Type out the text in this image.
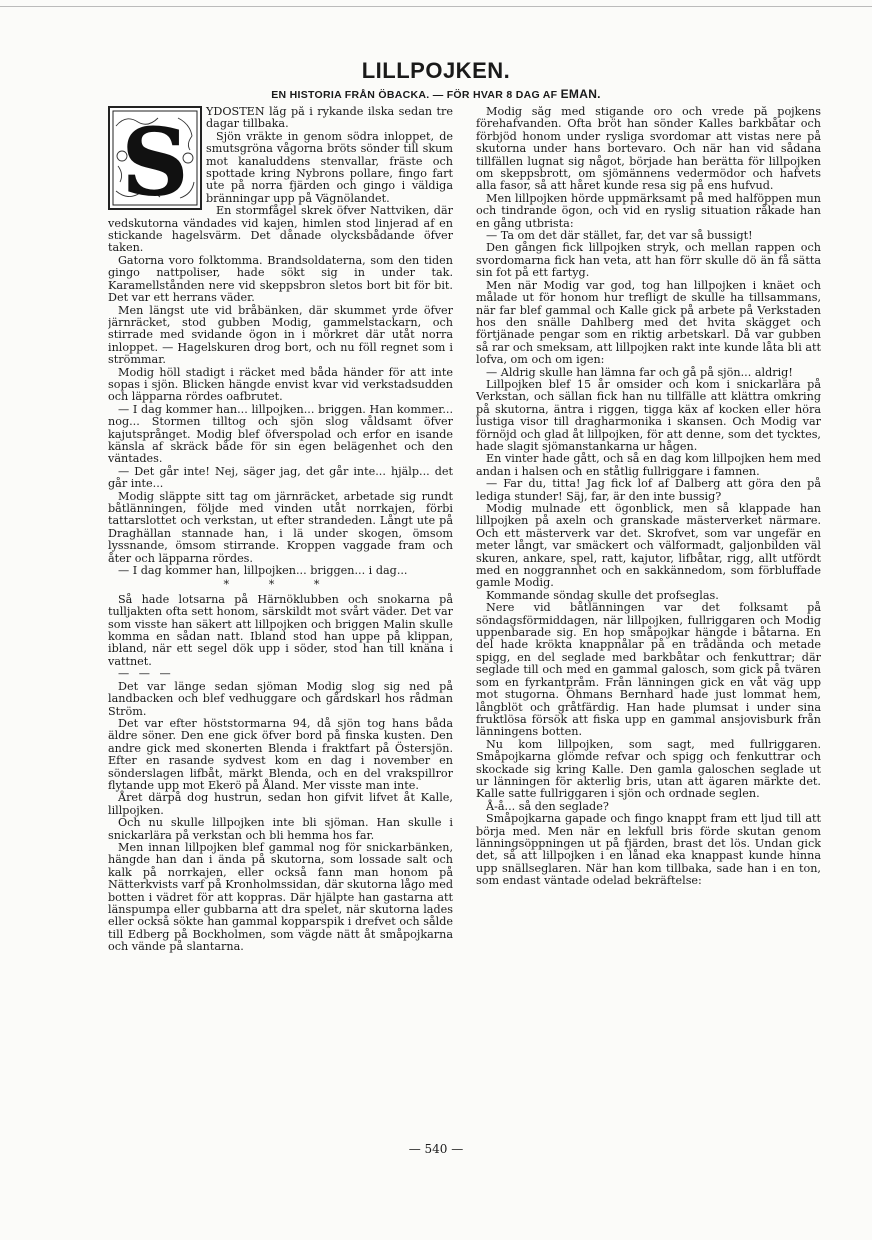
LILLPOJKEN.
EN HISTORIA FRÅN ÖBACKA. — FÖR HVAR 8 DAG AF EMAN.
S	YDOSTEN låg på i rykande ilska sedan tre dagar tillbaka.

Sjön vräkte in genom södra inloppet, de smutsgröna vågorna bröts sönder till skum mot kanaluddens stenvallar, fräste och spottade kring Nybrons pollare, fingo fart ute på norra fjärden och gingo i väldiga bränningar upp på Vägnölandet.

En stormfågel skrek öfver Nattviken, där vedskutorna vändades vid kajen, himlen stod linjerad af en stickande hagelsvärm. Det dånade olycksbådande öfver taken.

Gatorna voro folktomma. Brandsoldaterna, som den tiden gingo nattpoliser, hade sökt sig in under tak. Karamellstånden nere vid skeppsbron sletos bort bit för bit. Det var ett herrans väder.

Men längst ute vid bråbänken, där skummet yrde öfver järnräcket, stod gubben Modig, gammelstackarn, och stirrade med svidande ögon in i mörkret där utåt norra inloppet. — Hagelskuren drog bort, och nu föll regnet som i strömmar.

Modig höll stadigt i räcket med båda händer för att inte sopas i sjön. Blicken hängde envist kvar vid verkstadsudden och läpparna rördes oafbrutet.

— I dag kommer han... lillpojken... briggen. Han kommer... nog... Stormen tilltog och sjön slog våldsamt öfver kajutsprånget. Modig blef öfverspolad och erfor en isande känsla af skräck både för sin egen belägenhet och den väntades.

— Det går inte! Nej, säger jag, det går inte... hjälp... det går inte...

Modig släppte sitt tag om järnräcket, arbetade sig rundt båtlänningen, följde med vinden utåt norrkajen, förbi tattarslottet och verkstan, ut efter strandeden. Långt ute på Draghällan stannade han, i lä under skogen, ömsom lyssnande, ömsom stirrande. Kroppen vaggade fram och åter och läpparna rördes.

— I dag kommer han, lillpojken... briggen... i dag...

* * *

Så hade lotsarna på Härnöklubben och snokarna på tulljakten ofta sett honom, särskildt mot svårt väder. Det var som visste han säkert att lillpojken och briggen Malin skulle komma en sådan natt. Ibland stod han uppe på klippan, ibland, när ett segel dök upp i söder, stod han till knäna i vattnet.

— — —

Det var länge sedan sjöman Modig slog sig ned på landbacken och blef vedhuggare och gårdskarl hos rådman Ström.

Det var efter höststormarna 94, då sjön tog hans båda äldre söner. Den ene gick öfver bord på finska kusten. Den andre gick med skonerten Blenda i fraktfart på Östersjön. Efter en rasande sydvest kom en dag i november en sönderslagen lifbåt, märkt Blenda, och en del vrakspillror flytande upp mot Ekerö på Åland. Mer visste man inte.

Året därpå dog hustrun, sedan hon gifvit lifvet åt Kalle, lillpojken.

Och nu skulle lillpojken inte bli sjöman. Han skulle i snickarlära på verkstan och bli hemma hos far.

Men innan lillpojken blef gammal nog för snickarbänken, hängde han dan i ända på skutorna, som lossade salt och kalk på norrkajen, eller också fann man honom på Nätterkvists varf på Kronholmssidan, där skutorna lågo med botten i vädret för att koppras. Där hjälpte han gastarna att länspumpa eller gubbarna att dra spelet, när skutorna lades eller också sökte han gammal kopparspik i drefvet och sålde till Edberg på Bockholmen, som vägde nätt åt småpojkarna och vände på slantarna.

Modig såg med stigande oro och vrede på pojkens förehafvanden. Ofta bröt han sönder Kalles barkbåtar och förbjöd honom under rysliga svordomar att vistas nere på skutorna under hans bortevaro. Och när han vid sådana tillfällen lugnat sig något, började han berätta för lillpojken om skeppsbrott, om sjömännens vedermödor och hafvets alla fasor, så att håret kunde resa sig på ens hufvud.

Men lillpojken hörde uppmärksamt på med halföppen mun och tindrande ögon, och vid en ryslig situation råkade han en gång utbrista:

— Ta om det där stället, far, det var så bussigt!

Den gången fick lillpojken stryk, och mellan rappen och svordomarna fick han veta, att han förr skulle dö än få sätta sin fot på ett fartyg.

Men när Modig var god, tog han lillpojken i knäet och målade ut för honom hur trefligt de skulle ha tillsammans, när far blef gammal och Kalle gick på arbete på Verkstaden hos den snälle Dahlberg med det hvita skägget och förtjänade pengar som en riktig arbetskarl. Då var gubben så rar och smeksam, att lillpojken rakt inte kunde låta bli att lofva, om och om igen:

— Aldrig skulle han lämna far och gå på sjön... aldrig!

Lillpojken blef 15 år omsider och kom i snickarlära på Verkstan, och sällan fick han nu tillfälle att klättra omkring på skutorna, äntra i riggen, tigga käx af kocken eller höra lustiga visor till dragharmonika i skansen. Och Modig var förnöjd och glad åt lillpojken, för att denne, som det tycktes, hade slagit sjömanstankarna ur hågen.

En vinter hade gått, och så en dag kom lillpojken hem med andan i halsen och en ståtlig fullriggare i famnen.

— Far du, titta! Jag fick lof af Dalberg att göra den på lediga stunder! Säj, far, är den inte bussig?

Modig mulnade ett ögonblick, men så klappade han lillpojken på axeln och granskade mästerverket närmare. Och ett mästerverk var det. Skrofvet, som var ungefär en meter långt, var smäckert och välformadt, galjonbilden väl skuren, ankare, spel, ratt, kajutor, lifbåtar, rigg, allt utfördt med en noggrannhet och en sakkännedom, som förbluffade gamle Modig.

Kommande söndag skulle det profseglas.

Nere vid båtlänningen var det folksamt på söndagsförmiddagen, när lillpojken, fullriggaren och Modig uppenbarade sig. En hop småpojkar hängde i båtarna. En del hade krökta knappnålar på en trådända och metade spigg, en del seglade med barkbåtar och fenkuttrar; där seglade till och med en gammal galosch, som gick på tvären som en fyrkantpråm. Från länningen gick en våt väg upp mot stugorna. Öhmans Bernhard hade just lommat hem, långblöt och gråtfärdig. Han hade plumsat i under sina fruktlösa försök att fiska upp en gammal ansjovisburk från länningens botten.

Nu kom lillpojken, som sagt, med fullriggaren. Småpojkarna glömde refvar och spigg och fenkuttrar och skockade sig kring Kalle. Den gamla galoschen seglade ut ur länningen för akterlig bris, utan att ägaren märkte det. Kalle satte fullriggaren i sjön och ordnade seglen.

Å-å... så den seglade?

Småpojkarna gapade och fingo knappt fram ett ljud till att börja med. Men när en lekfull bris förde skutan genom länningsöppningen ut på fjärden, brast det lös. Undan gick det, så att lillpojken i en lånad eka knappast kunde hinna upp snällseglaren. När han kom tillbaka, sade han i en ton, som endast väntade odelad bekräftelse:

— 540 —
